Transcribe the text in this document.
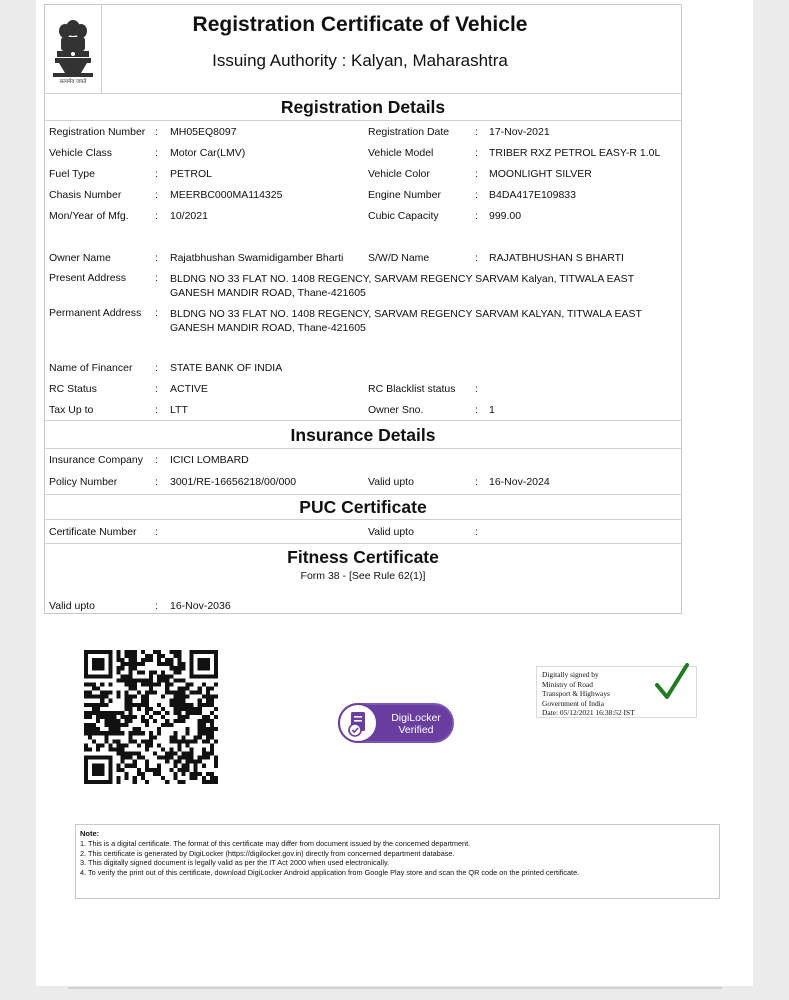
सत्यमेव जयते
Registration Certificate of Vehicle
Issuing Authority : Kalyan, Maharashtra
Registration Details
Registration Number : MH05EQ8097	Registration Date : 17-Nov-2021
Vehicle Class	: Motor Car(LMV)	Vehicle Model	: TRIBER RXZ PETROL EASY-R 1.0L
Fuel Type	: PETROL	Vehicle Color	: MOONLIGHT SILVER
Chasis Number	: MEERBC000MA114325	Engine Number	: B4DA417E109833
Mon/Year of Mfg.	: 10/2021	Cubic Capacity	: 999.00
Owner Name	: Rajatbhushan Swamidigamber Bharti S/W/D Name	: RAJATBHUSHAN S BHARTI
Present Address	: BLDNG NO 33 FLAT NO. 1408 REGENCY, SARVAM REGENCY SARVAM Kalyan, TITWALA EAST GANESH MANDIR ROAD, Thane-421605
Permanent Address : BLDNG NO 33 FLAT NO. 1408 REGENCY, SARVAM REGENCY SARVAM KALYAN, TITWALA EAST GANESH MANDIR ROAD, Thane-421605
Name of Financer : STATE BANK OF INDIA
RC Status	: ACTIVE	RC Blacklist status :
Tax Up to	: LTT	Owner Sno.	: 1
Insurance Details
Insurance Company : ICICI LOMBARD
Policy Number	: 3001/RE-16656218/00/000	Valid upto	: 16-Nov-2024
PUC Certificate
Certificate Number :	Valid upto	:
Fitness Certificate
Form 38 - [See Rule 62(1)]
Valid upto	: 16-Nov-2036
DigiLocker
Verified
Digitally signed by
Ministry of Road
Transport & Highways
Government of India
Date: 05/12/2021 16:38:52 IST
Note:
1. This is a digital certificate. The format of this certificate may differ from document issued by the concerned department.
2. This certificate is generated by DigiLocker (https://digilocker.gov.in) directly from concerned department database.
3. This digitally signed document is legally valid as per the IT Act 2000 when used electronically.
4. To verify the print out of this certificate, download DigiLocker Android application from Google Play store and scan the QR code on the printed certificate.
